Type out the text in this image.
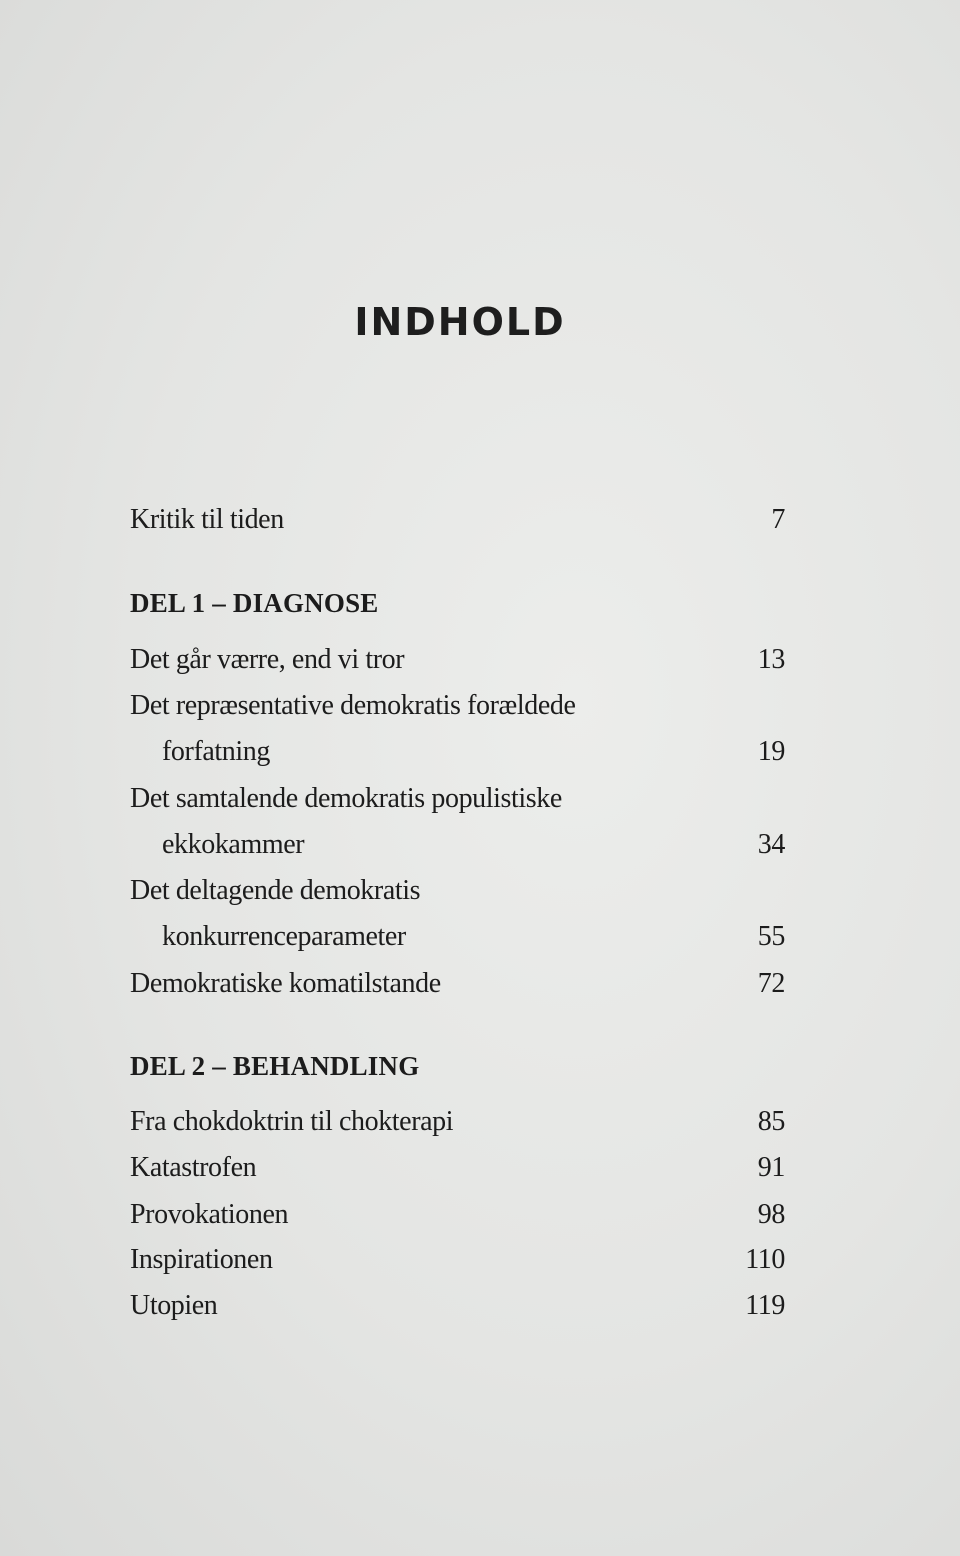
INDHOLD
Kritik til tiden	7
DEL 1 – DIAGNOSE
Det går værre, end vi tror	13
Det repræsentative demokratis forældede
forfatning	19
Det samtalende demokratis populistiske
ekkokammer	34
Det deltagende demokratis
konkurrenceparameter	55
Demokratiske komatilstande	72
DEL 2 – BEHANDLING
Fra chokdoktrin til chokterapi	85
Katastrofen	91
Provokationen	98
Inspirationen	110
Utopien	119
